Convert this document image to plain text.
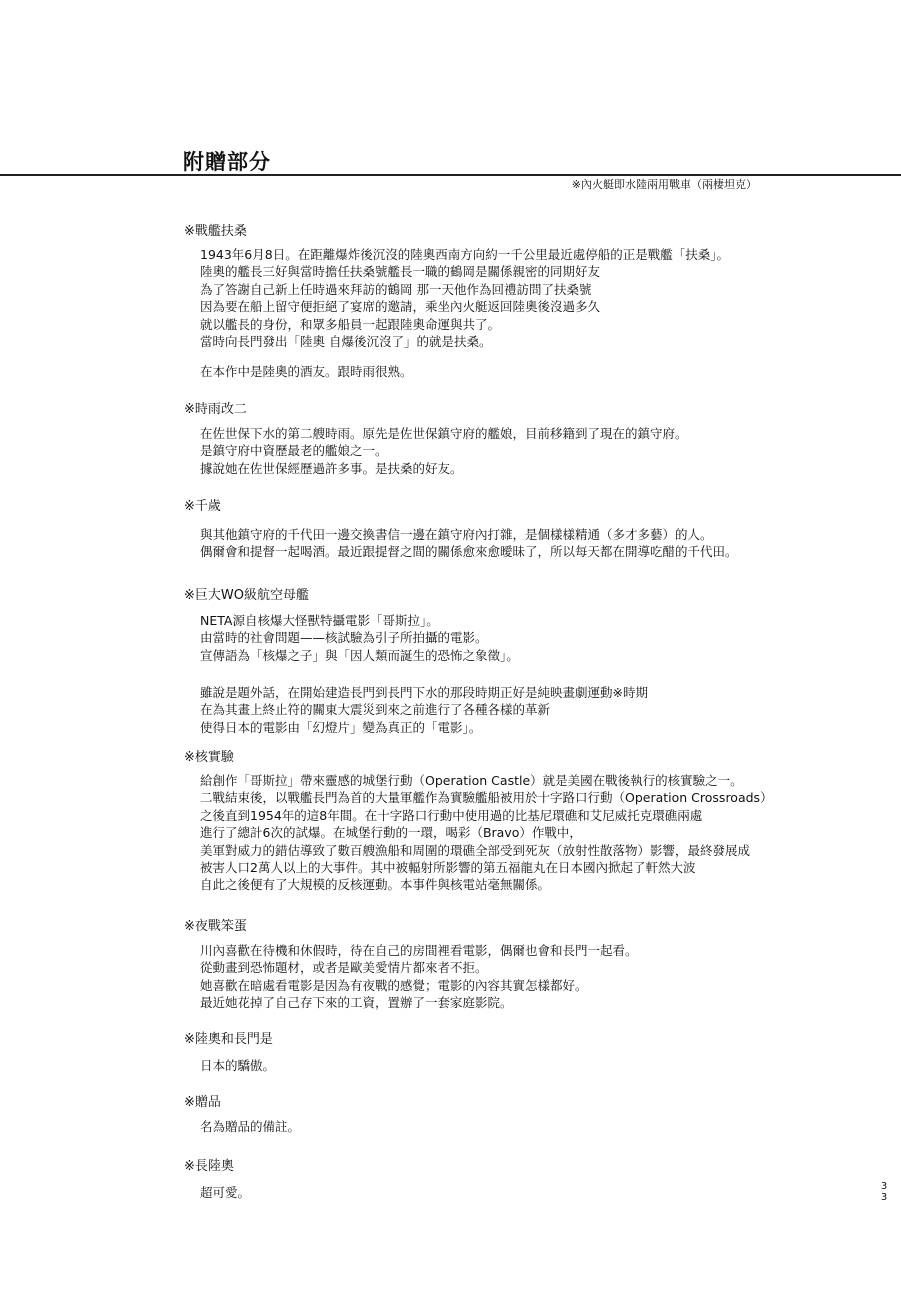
附贈部分
※內火艇即水陸兩用戰車（兩棲坦克）
※戰艦扶桑
1943年6月8日。在距離爆炸後沉沒的陸奧西南方向約一千公里最近處停船的正是戰艦「扶桑」。
陸奧的艦長三好與當時擔任扶桑號艦長一職的鶴岡是關係親密的同期好友
為了答謝自己新上任時過來拜訪的鶴岡 那一天他作為回禮訪問了扶桑號
因為要在船上留守便拒絕了宴席的邀請，乘坐內火艇返回陸奧後沒過多久
就以艦長的身份，和眾多船員一起跟陸奧命運與共了。
當時向長門發出「陸奧 自爆後沉沒了」的就是扶桑。
在本作中是陸奧的酒友。跟時雨很熟。
※時雨改二
在佐世保下水的第二艘時雨。原先是佐世保鎮守府的艦娘，目前移籍到了現在的鎮守府。
是鎮守府中資歷最老的艦娘之一。
據說她在佐世保經歷過許多事。是扶桑的好友。
※千歲
與其他鎮守府的千代田一邊交換書信一邊在鎮守府內打雜，是個樣樣精通（多才多藝）的人。
偶爾會和提督一起喝酒。最近跟提督之間的關係愈來愈曖昧了，所以每天都在開導吃醋的千代田。
※巨大WO級航空母艦
NETA源自核爆大怪獸特攝電影「哥斯拉」。
由當時的社會問題——核試驗為引子所拍攝的電影。
宣傳語為「核爆之子」與「因人類而誕生的恐怖之象徵」。
雖說是題外話，在開始建造長門到長門下水的那段時期正好是純映畫劇運動※時期
在為其畫上終止符的關東大震災到來之前進行了各種各樣的革新
使得日本的電影由「幻燈片」變為真正的「電影」。
※核實驗
給創作「哥斯拉」帶來靈感的城堡行動（Operation Castle）就是美國在戰後執行的核實驗之一。
二戰結束後，以戰艦長門為首的大量軍艦作為實驗艦船被用於十字路口行動（Operation Crossroads）
之後直到1954年的這8年間。在十字路口行動中使用過的比基尼環礁和艾尼威托克環礁兩處
進行了總計6次的試爆。在城堡行動的一環，喝彩（Bravo）作戰中，
美軍對威力的錯估導致了數百艘漁船和周圍的環礁全部受到死灰（放射性散落物）影響，最終發展成
被害人口2萬人以上的大事件。其中被輻射所影響的第五福龍丸在日本國內掀起了軒然大波
自此之後便有了大規模的反核運動。本事件與核電站毫無關係。
※夜戰笨蛋
川內喜歡在待機和休假時，待在自己的房間裡看電影，偶爾也會和長門一起看。
從動畫到恐怖題材，或者是歐美愛情片都來者不拒。
她喜歡在暗處看電影是因為有夜戰的感覺；電影的內容其實怎樣都好。
最近她花掉了自己存下來的工資，置辦了一套家庭影院。
※陸奧和長門是
日本的驕傲。
※贈品
名為贈品的備註。
※長陸奧
超可愛。	3
3
